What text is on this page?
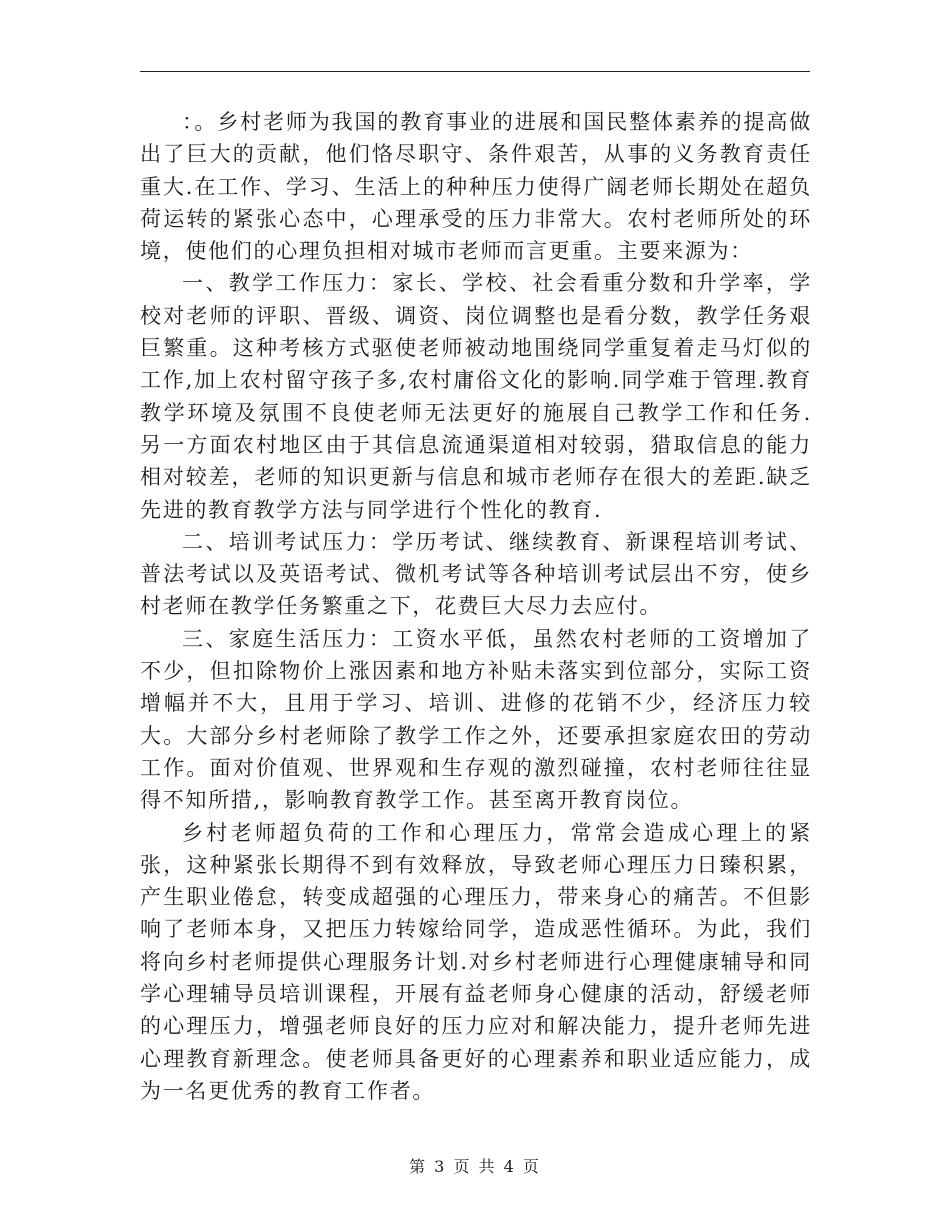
：。乡村老师为我国的教育事业的进展和国民整体素养的提高做出了巨大的贡献，他们恪尽职守、条件艰苦，从事的义务教育责任重大.在工作、学习、生活上的种种压力使得广阔老师长期处在超负荷运转的紧张心态中，心理承受的压力非常大。农村老师所处的环境，使他们的心理负担相对城市老师而言更重。主要来源为：

一、教学工作压力：家长、学校、社会看重分数和升学率，学校对老师的评职、晋级、调资、岗位调整也是看分数，教学任务艰巨繁重。这种考核方式驱使老师被动地围绕同学重复着走马灯似的工作,加上农村留守孩子多,农村庸俗文化的影响.同学难于管理.教育教学环境及氛围不良使老师无法更好的施展自己教学工作和任务. 另一方面农村地区由于其信息流通渠道相对较弱，猎取信息的能力相对较差，老师的知识更新与信息和城市老师存在很大的差距.缺乏先进的教育教学方法与同学进行个性化的教育.

二、培训考试压力：学历考试、继续教育、新课程培训考试、普法考试以及英语考试、微机考试等各种培训考试层出不穷，使乡村老师在教学任务繁重之下，花费巨大尽力去应付。

三、家庭生活压力：工资水平低，虽然农村老师的工资增加了不少，但扣除物价上涨因素和地方补贴未落实到位部分，实际工资增幅并不大，且用于学习、培训、进修的花销不少，经济压力较大。大部分乡村老师除了教学工作之外，还要承担家庭农田的劳动工作。面对价值观、世界观和生存观的激烈碰撞，农村老师往往显得不知所措,，影响教育教学工作。甚至离开教育岗位。

乡村老师超负荷的工作和心理压力，常常会造成心理上的紧张，这种紧张长期得不到有效释放，导致老师心理压力日臻积累，产生职业倦怠，转变成超强的心理压力，带来身心的痛苦。不但影响了老师本身，又把压力转嫁给同学，造成恶性循环。为此，我们将向乡村老师提供心理服务计划.对乡村老师进行心理健康辅导和同学心理辅导员培训课程，开展有益老师身心健康的活动，舒缓老师的心理压力，增强老师良好的压力应对和解决能力，提升老师先进心理教育新理念。使老师具备更好的心理素养和职业适应能力，成为一名更优秀的教育工作者。

第 3 页 共 4 页
